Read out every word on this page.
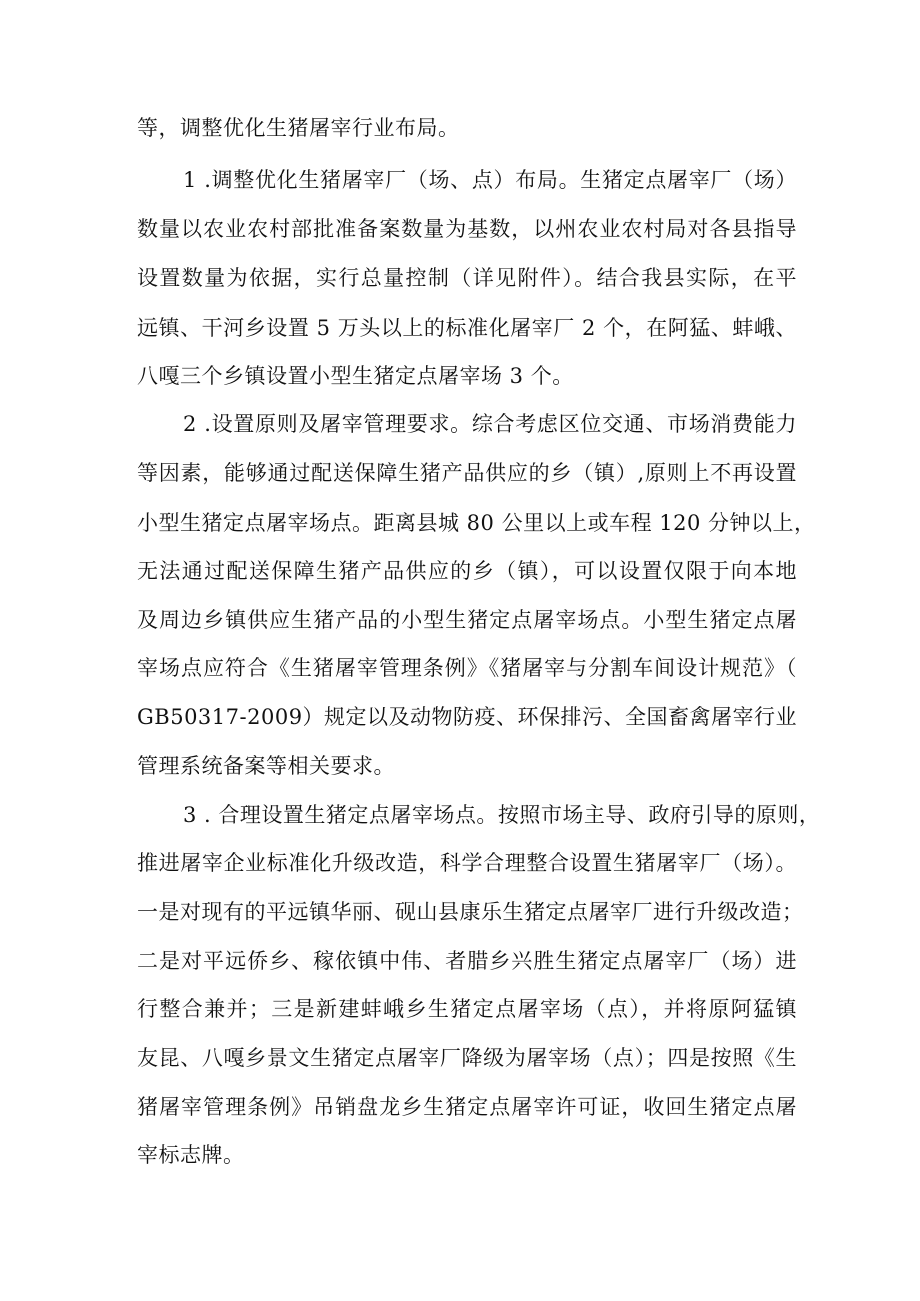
等，调整优化生猪屠宰行业布局。
1 .调整优化生猪屠宰厂（场、点）布局。生猪定点屠宰厂（场）
数量以农业农村部批准备案数量为基数，以州农业农村局对各县指导
设置数量为依据，实行总量控制（详见附件）。结合我县实际，在平
远镇、干河乡设置 5 万头以上的标准化屠宰厂 2 个，在阿猛、蚌峨、
八嘎三个乡镇设置小型生猪定点屠宰场 3 个。
2 .设置原则及屠宰管理要求。综合考虑区位交通、市场消费能力
等因素，能够通过配送保障生猪产品供应的乡（镇）,原则上不再设置
小型生猪定点屠宰场点。距离县城 80 公里以上或车程 120 分钟以上，
无法通过配送保障生猪产品供应的乡（镇），可以设置仅限于向本地
及周边乡镇供应生猪产品的小型生猪定点屠宰场点。小型生猪定点屠
宰场点应符合《生猪屠宰管理条例》《猪屠宰与分割车间设计规范》（
GB50317-2009）规定以及动物防疫、环保排污、全国畜禽屠宰行业
管理系统备案等相关要求。
3 . 合理设置生猪定点屠宰场点。按照市场主导、政府引导的原则，
推进屠宰企业标准化升级改造，科学合理整合设置生猪屠宰厂（场）。
一是对现有的平远镇华丽、砚山县康乐生猪定点屠宰厂进行升级改造；
二是对平远侨乡、稼依镇中伟、者腊乡兴胜生猪定点屠宰厂（场）进
行整合兼并；三是新建蚌峨乡生猪定点屠宰场（点），并将原阿猛镇
友昆、八嘎乡景文生猪定点屠宰厂降级为屠宰场（点）；四是按照《生
猪屠宰管理条例》吊销盘龙乡生猪定点屠宰许可证，收回生猪定点屠
宰标志牌。
